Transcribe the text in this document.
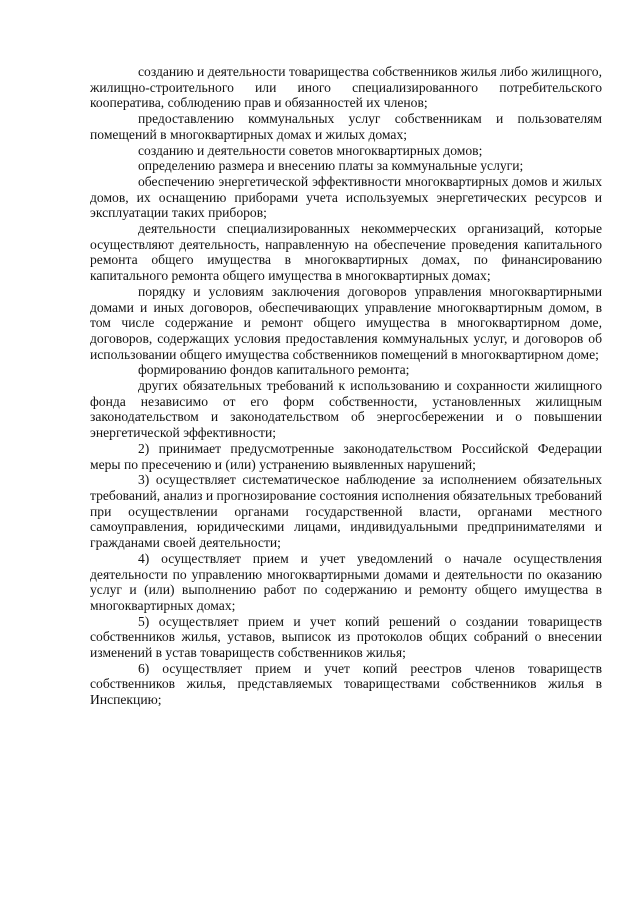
созданию и деятельности товарищества собственников жилья либо жилищного, жилищно-строительного или иного специализированного потребительского кооператива, соблюдению прав и обязанностей их членов;

предоставлению коммунальных услуг собственникам и пользователям помещений в многоквартирных домах и жилых домах;

созданию и деятельности советов многоквартирных домов;

определению размера и внесению платы за коммунальные услуги;

обеспечению энергетической эффективности многоквартирных домов и жилых домов, их оснащению приборами учета используемых энергетических ресурсов и эксплуатации таких приборов;

деятельности специализированных некоммерческих организаций, которые осуществляют деятельность, направленную на обеспечение проведения капитального ремонта общего имущества в многоквартирных домах, по финансированию капитального ремонта общего имущества в многоквартирных домах;

порядку и условиям заключения договоров управления многоквартирными домами и иных договоров, обеспечивающих управление многоквартирным домом, в том числе содержание и ремонт общего имущества в многоквартирном доме, договоров, содержащих условия предоставления коммунальных услуг, и договоров об использовании общего имущества собственников помещений в многоквартирном доме;

формированию фондов капитального ремонта;

других обязательных требований к использованию и сохранности жилищного фонда независимо от его форм собственности, установленных жилищным законодательством и законодательством об энергосбережении и о повышении энергетической эффективности;

2) принимает предусмотренные законодательством Российской Федерации меры по пресечению и (или) устранению выявленных нарушений;

3) осуществляет систематическое наблюдение за исполнением обязательных требований, анализ и прогнозирование состояния исполнения обязательных требований при осуществлении органами государственной власти, органами местного самоуправления, юридическими лицами, индивидуальными предпринимателями и гражданами своей деятельности;

4) осуществляет прием и учет уведомлений о начале осуществления деятельности по управлению многоквартирными домами и деятельности по оказанию услуг и (или) выполнению работ по содержанию и ремонту общего имущества в многоквартирных домах;

5) осуществляет прием и учет копий решений о создании товариществ собственников жилья, уставов, выписок из протоколов общих собраний о внесении изменений в устав товариществ собственников жилья;

6) осуществляет прием и учет копий реестров членов товариществ собственников жилья, представляемых товариществами собственников жилья в Инспекцию;
